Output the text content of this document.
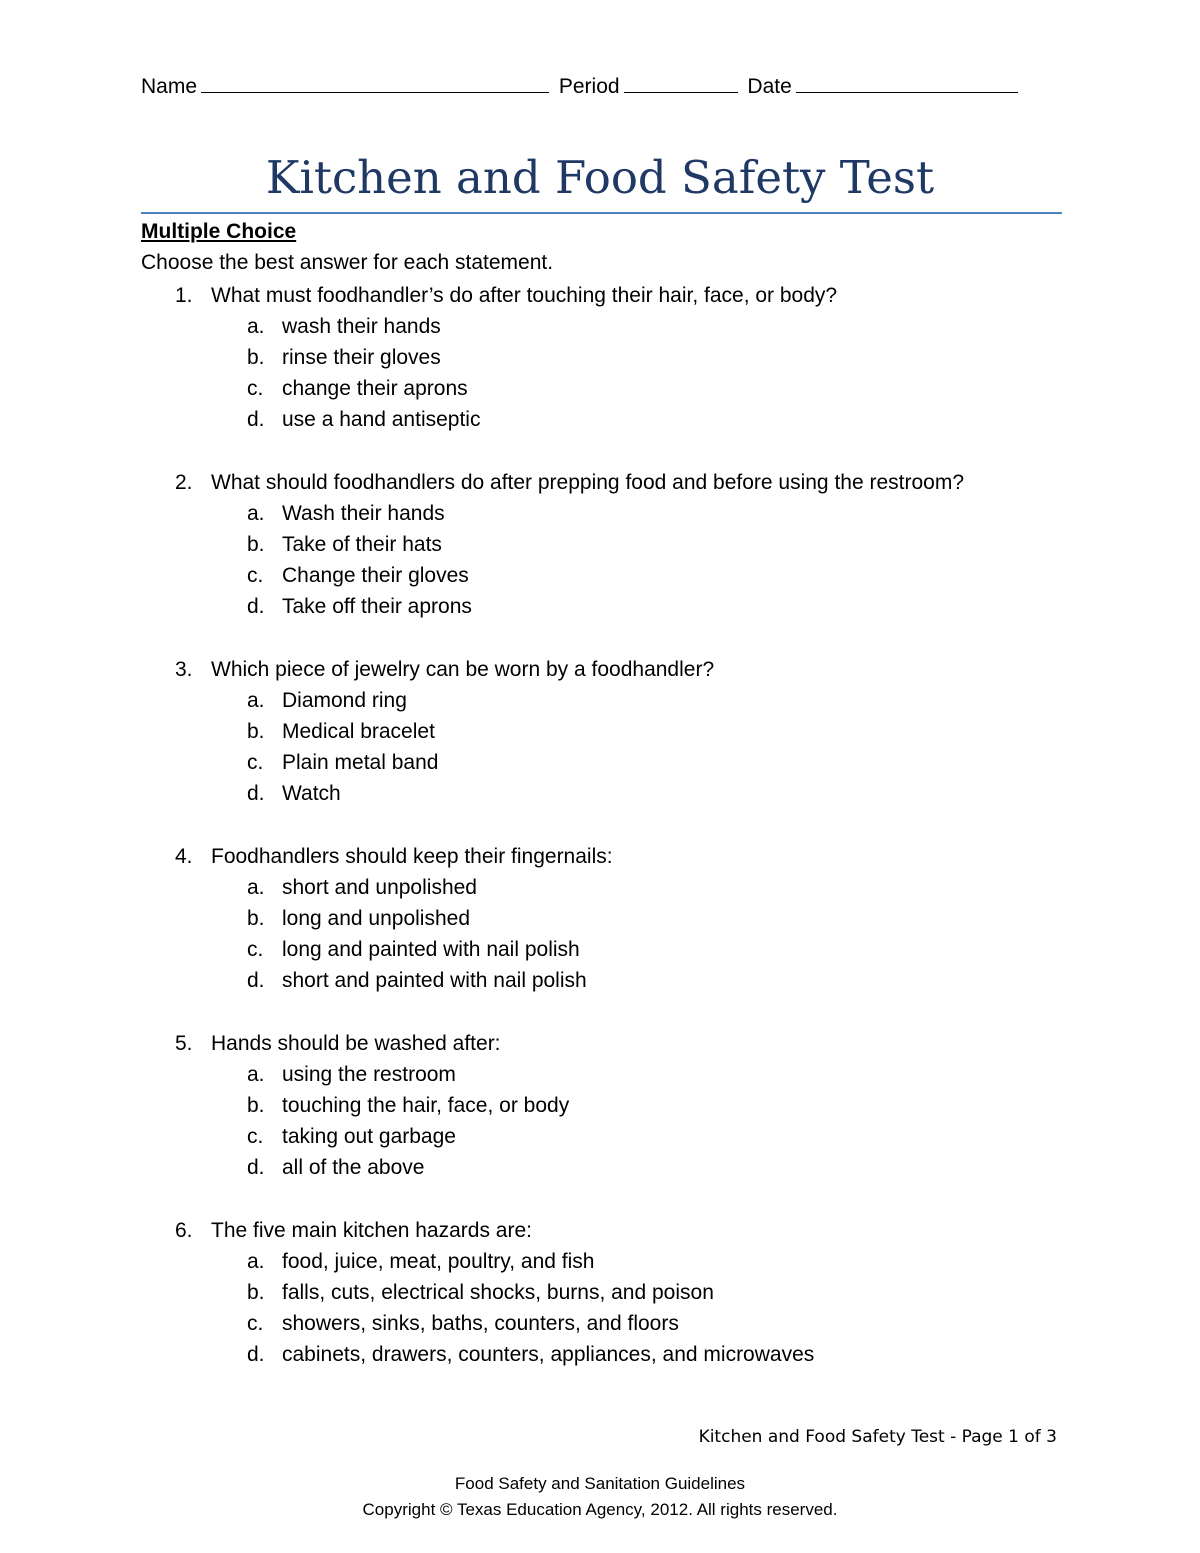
Name	Period	Date
Kitchen and Food Safety Test
Multiple Choice
Choose the best answer for each statement.
1. What must foodhandler’s do after touching their hair, face, or body?
a. wash their hands
b. rinse their gloves
c. change their aprons
d. use a hand antiseptic
2. What should foodhandlers do after prepping food and before using the restroom?
a. Wash their hands
b. Take of their hats
c. Change their gloves
d. Take off their aprons
3. Which piece of jewelry can be worn by a foodhandler?
a. Diamond ring
b. Medical bracelet
c. Plain metal band
d. Watch
4. Foodhandlers should keep their fingernails:
a. short and unpolished
b. long and unpolished
c. long and painted with nail polish
d. short and painted with nail polish
5. Hands should be washed after:
a. using the restroom
b. touching the hair, face, or body
c. taking out garbage
d. all of the above
6. The five main kitchen hazards are:
a. food, juice, meat, poultry, and fish
b. falls, cuts, electrical shocks, burns, and poison
c. showers, sinks, baths, counters, and floors
d. cabinets, drawers, counters, appliances, and microwaves
Kitchen and Food Safety Test - Page 1 of 3
Food Safety and Sanitation Guidelines
Copyright © Texas Education Agency, 2012. All rights reserved.
